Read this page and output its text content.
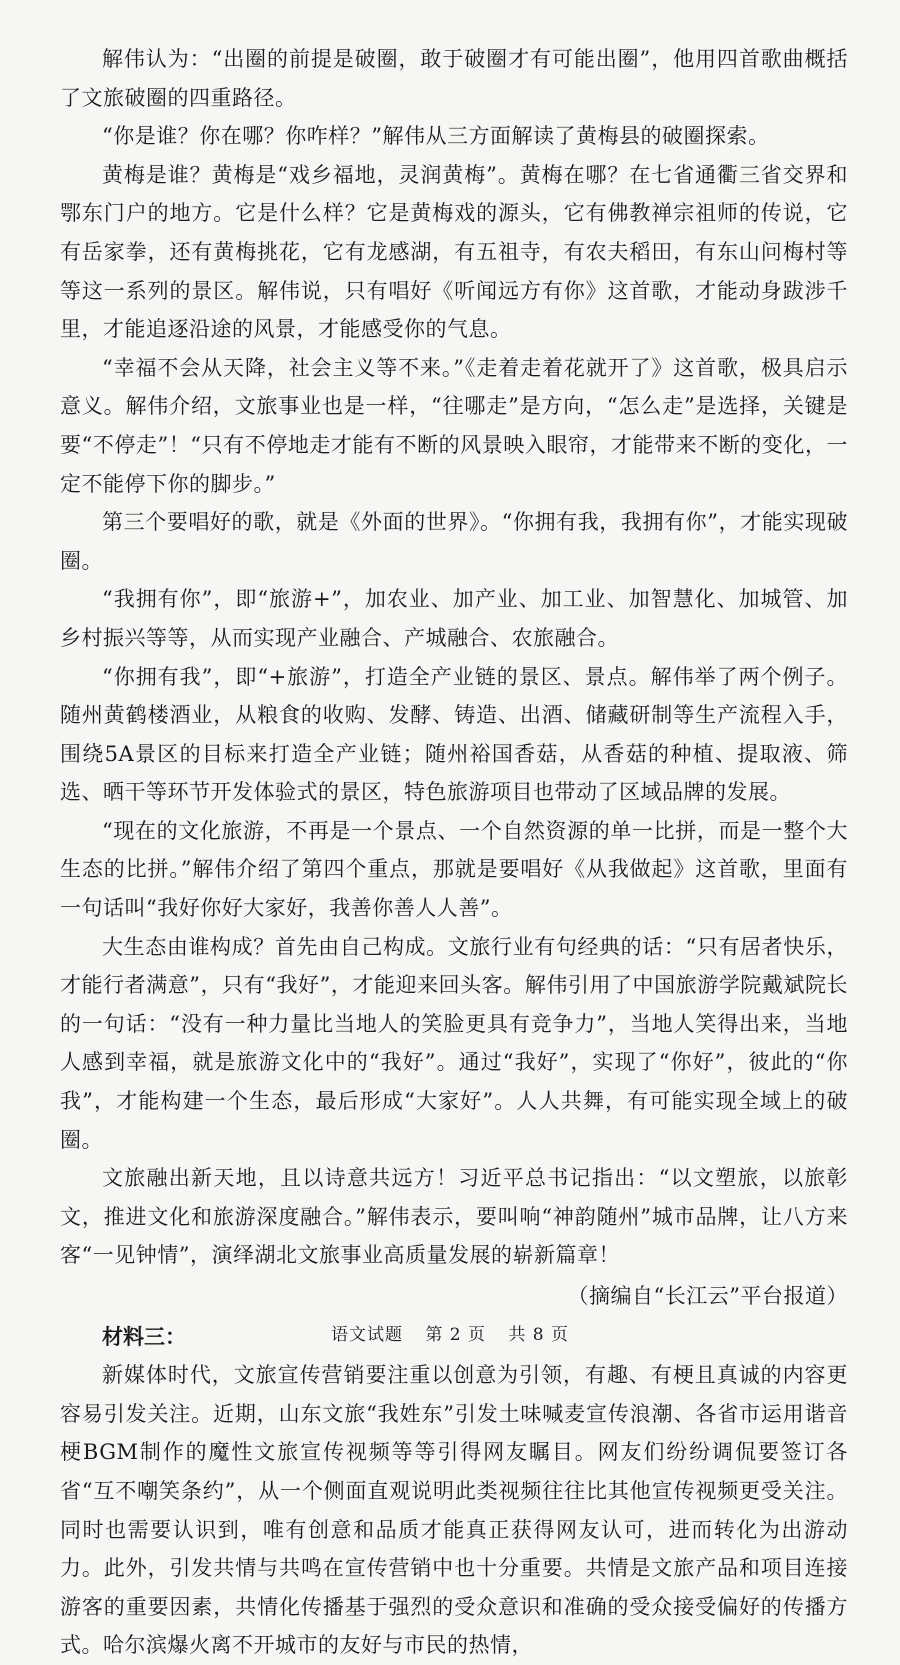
解伟认为：“出圈的前提是破圈，敢于破圈才有可能出圈”，他用四首歌曲概括了文旅破圈的四重路径。

“你是谁？你在哪？你咋样？”解伟从三方面解读了黄梅县的破圈探索。

黄梅是谁？黄梅是“戏乡福地，灵润黄梅”。黄梅在哪？在七省通衢三省交界和鄂东门户的地方。它是什么样？它是黄梅戏的源头，它有佛教禅宗祖师的传说，它有岳家拳，还有黄梅挑花，它有龙感湖，有五祖寺，有农夫稻田，有东山问梅村等等这一系列的景区。解伟说，只有唱好《听闻远方有你》这首歌，才能动身跋涉千里，才能追逐沿途的风景，才能感受你的气息。

“幸福不会从天降，社会主义等不来。”《走着走着花就开了》这首歌，极具启示意义。解伟介绍，文旅事业也是一样，“往哪走”是方向，“怎么走”是选择，关键是要“不停走”！“只有不停地走才能有不断的风景映入眼帘，才能带来不断的变化，一定不能停下你的脚步。”

第三个要唱好的歌，就是《外面的世界》。“你拥有我，我拥有你”，才能实现破圈。

“我拥有你”，即“旅游+”，加农业、加产业、加工业、加智慧化、加城管、加乡村振兴等等，从而实现产业融合、产城融合、农旅融合。

“你拥有我”，即“+旅游”，打造全产业链的景区、景点。解伟举了两个例子。随州黄鹤楼酒业，从粮食的收购、发酵、铸造、出酒、储藏研制等生产流程入手，围绕5A景区的目标来打造全产业链；随州裕国香菇，从香菇的种植、提取液、筛选、晒干等环节开发体验式的景区，特色旅游项目也带动了区域品牌的发展。

“现在的文化旅游，不再是一个景点、一个自然资源的单一比拼，而是一整个大生态的比拼。”解伟介绍了第四个重点，那就是要唱好《从我做起》这首歌，里面有一句话叫“我好你好大家好，我善你善人人善”。

大生态由谁构成？首先由自己构成。文旅行业有句经典的话：“只有居者快乐，才能行者满意”，只有“我好”，才能迎来回头客。解伟引用了中国旅游学院戴斌院长的一句话：“没有一种力量比当地人的笑脸更具有竞争力”，当地人笑得出来，当地人感到幸福，就是旅游文化中的“我好”。通过“我好”，实现了“你好”，彼此的“你我”，才能构建一个生态，最后形成“大家好”。人人共舞，有可能实现全域上的破圈。

文旅融出新天地，且以诗意共远方！习近平总书记指出：“以文塑旅，以旅彰文，推进文化和旅游深度融合。”解伟表示，要叫响“神韵随州”城市品牌，让八方来客“一见钟情”，演绎湖北文旅事业高质量发展的崭新篇章！

（摘编自“长江云”平台报道）

材料三：

新媒体时代，文旅宣传营销要注重以创意为引领，有趣、有梗且真诚的内容更容易引发关注。近期，山东文旅“我姓东”引发土味喊麦宣传浪潮、各省市运用谐音梗BGM制作的魔性文旅宣传视频等等引得网友瞩目。网友们纷纷调侃要签订各省“互不嘲笑条约”，从一个侧面直观说明此类视频往往比其他宣传视频更受关注。同时也需要认识到，唯有创意和品质才能真正获得网友认可，进而转化为出游动力。此外，引发共情与共鸣在宣传营销中也十分重要。共情是文旅产品和项目连接游客的重要因素，共情化传播基于强烈的受众意识和准确的受众接受偏好的传播方式。哈尔滨爆火离不开城市的友好与市民的热情，

语文试题 第 2 页 共 8 页
